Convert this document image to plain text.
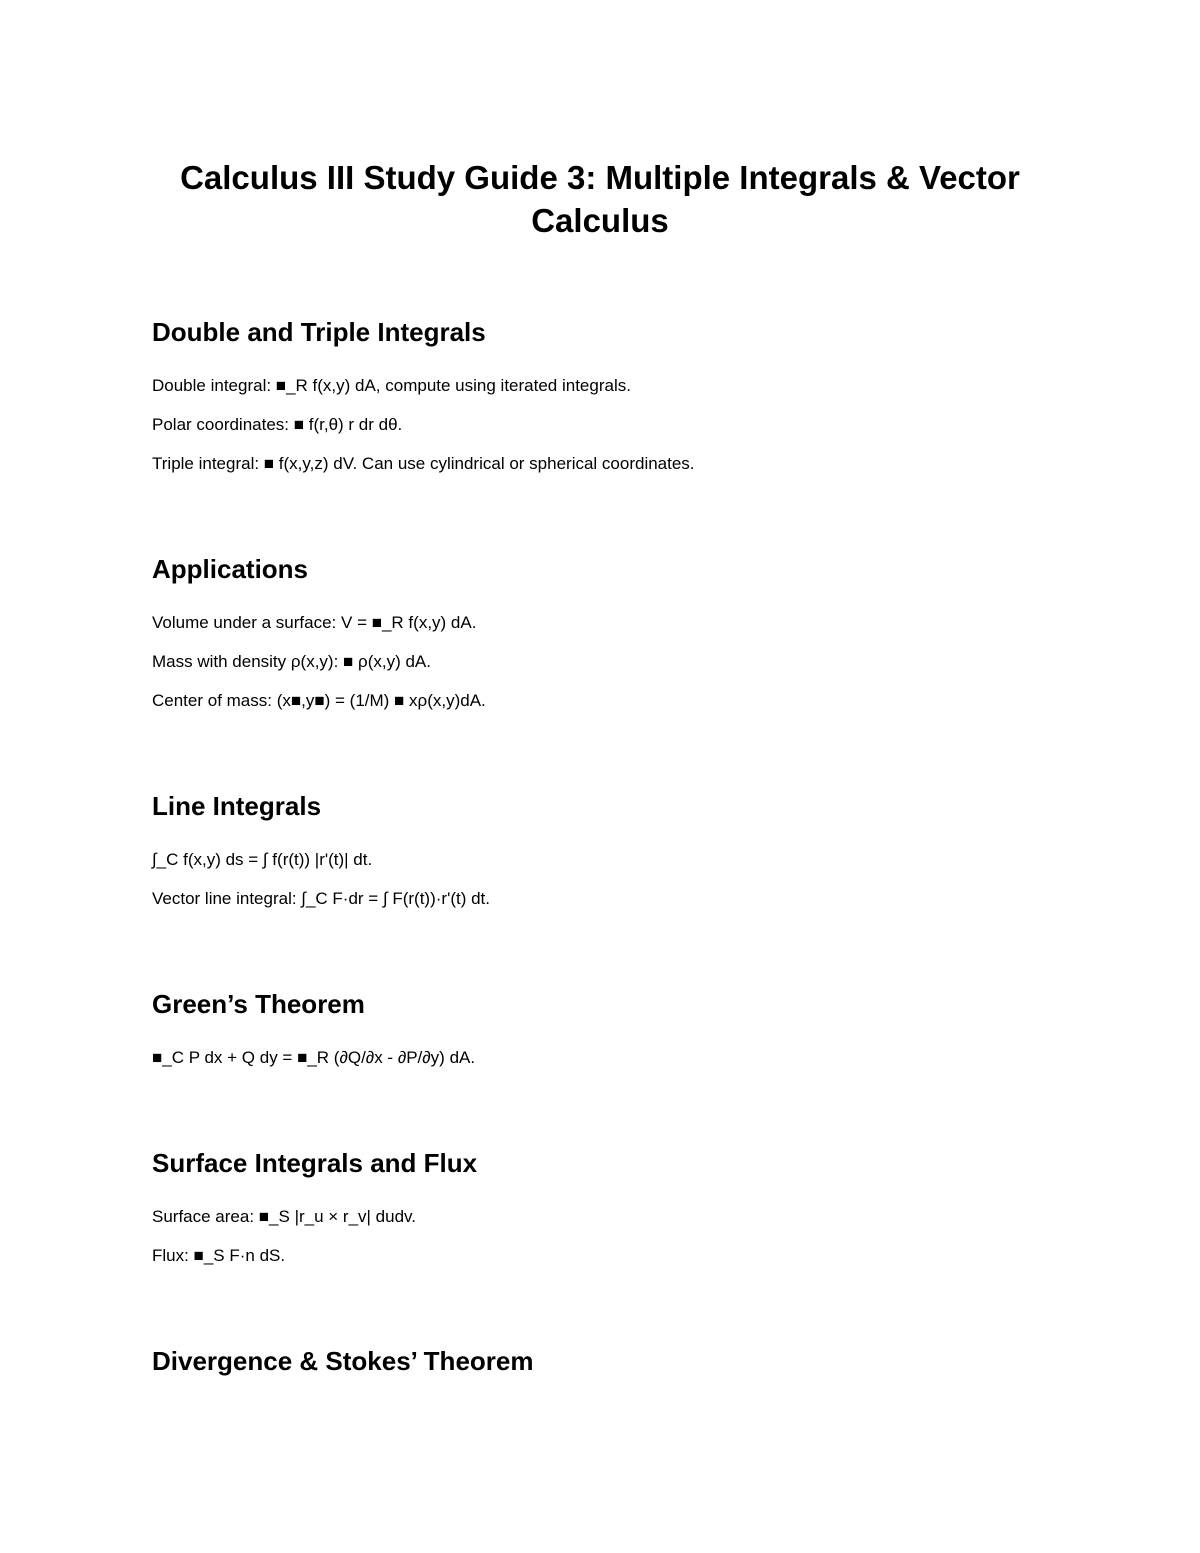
Calculus III Study Guide 3: Multiple Integrals & Vector Calculus
Double and Triple Integrals

Double integral: ■_R f(x,y) dA, compute using iterated integrals.

Polar coordinates: ■ f(r,θ) r dr dθ.

Triple integral: ■ f(x,y,z) dV. Can use cylindrical or spherical coordinates.

Applications

Volume under a surface: V = ■_R f(x,y) dA.

Mass with density ρ(x,y): ■ ρ(x,y) dA.

Center of mass: (x■,y■) = (1/M) ■ xρ(x,y)dA.

Line Integrals

∫_C f(x,y) ds = ∫ f(r(t)) |r'(t)| dt.

Vector line integral: ∫_C F·dr = ∫ F(r(t))·r'(t) dt.

Green’s Theorem

■_C P dx + Q dy = ■_R (∂Q/∂x - ∂P/∂y) dA.

Surface Integrals and Flux

Surface area: ■_S |r_u × r_v| dudv.

Flux: ■_S F·n dS.

Divergence & Stokes’ Theorem
